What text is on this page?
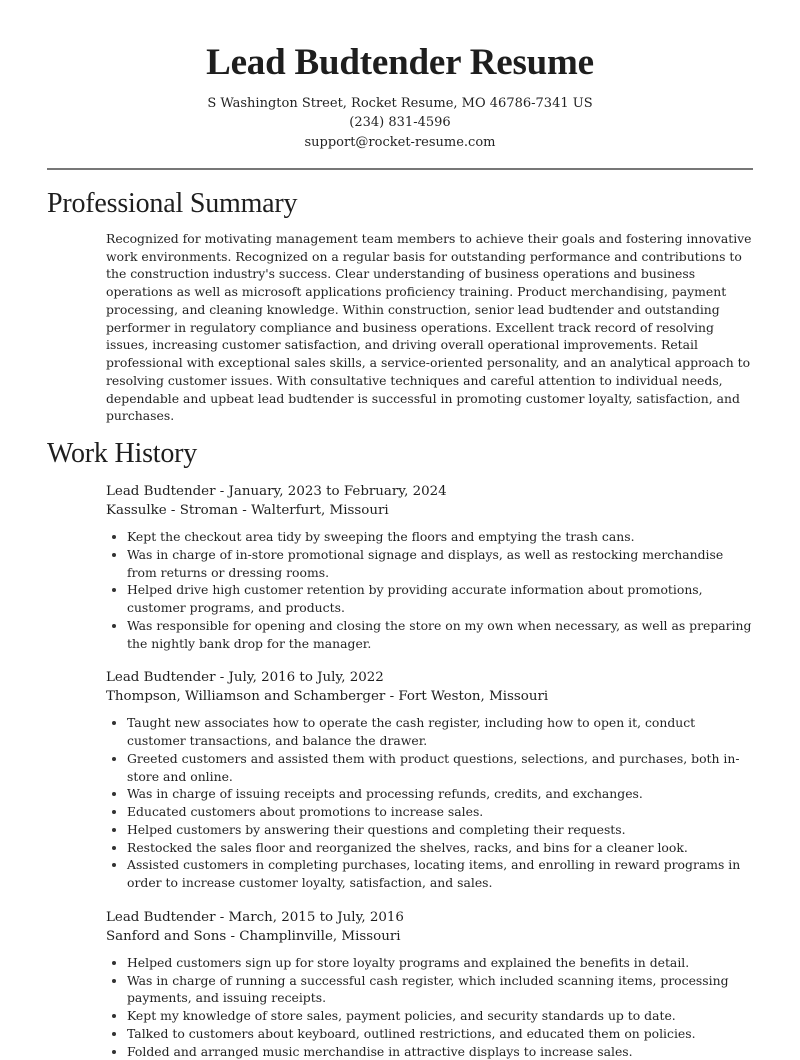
Lead Budtender Resume
S Washington Street, Rocket Resume, MO 46786-7341 US
(234) 831-4596
support@rocket-resume.com
Professional Summary

Recognized for motivating management team members to achieve their goals and fostering innovative work environments. Recognized on a regular basis for outstanding performance and contributions to the construction industry's success. Clear understanding of business operations and business operations as well as microsoft applications proficiency training. Product merchandising, payment processing, and cleaning knowledge. Within construction, senior lead budtender and outstanding performer in regulatory compliance and business operations. Excellent track record of resolving issues, increasing customer satisfaction, and driving overall operational improvements. Retail professional with exceptional sales skills, a service-oriented personality, and an analytical approach to resolving customer issues. With consultative techniques and careful attention to individual needs, dependable and upbeat lead budtender is successful in promoting customer loyalty, satisfaction, and purchases.

Work History
Lead Budtender - January, 2023 to February, 2024
Kassulke - Stroman - Walterfurt, Missouri
Kept the checkout area tidy by sweeping the floors and emptying the trash cans.
Was in charge of in-store promotional signage and displays, as well as restocking merchandise from returns or dressing rooms.
Helped drive high customer retention by providing accurate information about promotions, customer programs, and products.
Was responsible for opening and closing the store on my own when necessary, as well as preparing the nightly bank drop for the manager.
Lead Budtender - July, 2016 to July, 2022
Thompson, Williamson and Schamberger - Fort Weston, Missouri
Taught new associates how to operate the cash register, including how to open it, conduct customer transactions, and balance the drawer.
Greeted customers and assisted them with product questions, selections, and purchases, both in-store and online.
Was in charge of issuing receipts and processing refunds, credits, and exchanges.
Educated customers about promotions to increase sales.
Helped customers by answering their questions and completing their requests.
Restocked the sales floor and reorganized the shelves, racks, and bins for a cleaner look.
Assisted customers in completing purchases, locating items, and enrolling in reward programs in order to increase customer loyalty, satisfaction, and sales.
Lead Budtender - March, 2015 to July, 2016
Sanford and Sons - Champlinville, Missouri
Helped customers sign up for store loyalty programs and explained the benefits in detail.
Was in charge of running a successful cash register, which included scanning items, processing payments, and issuing receipts.
Kept my knowledge of store sales, payment policies, and security standards up to date.
Talked to customers about keyboard, outlined restrictions, and educated them on policies.
Folded and arranged music merchandise in attractive displays to increase sales.
